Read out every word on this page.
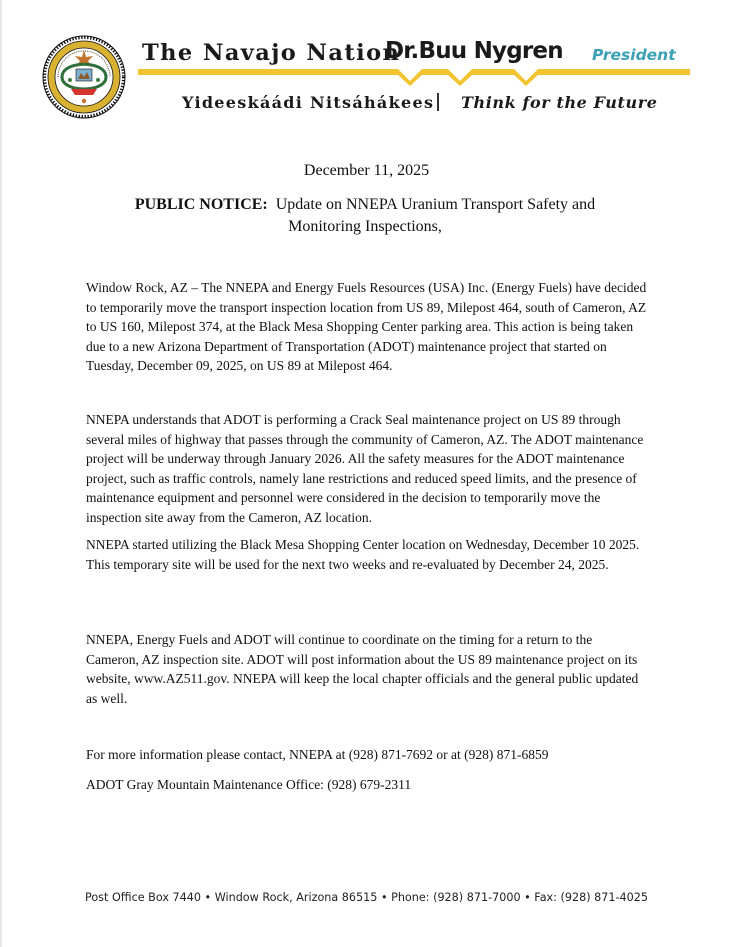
The Navajo Nation
Dr.Buu Nygren President
Yideeskáádi Nitsáhákees Think for the Future
December 11, 2025
PUBLIC NOTICE: Update on NNEPA Uranium Transport Safety and Monitoring Inspections,

Window Rock, AZ – The NNEPA and Energy Fuels Resources (USA) Inc. (Energy Fuels) have decided to temporarily move the transport inspection location from US 89, Milepost 464, south of Cameron, AZ to US 160, Milepost 374, at the Black Mesa Shopping Center parking area. This action is being taken due to a new Arizona Department of Transportation (ADOT) maintenance project that started on Tuesday, December 09, 2025, on US 89 at Milepost 464.

NNEPA understands that ADOT is performing a Crack Seal maintenance project on US 89 through several miles of highway that passes through the community of Cameron, AZ. The ADOT maintenance project will be underway through January 2026. All the safety measures for the ADOT maintenance project, such as traffic controls, namely lane restrictions and reduced speed limits, and the presence of maintenance equipment and personnel were considered in the decision to temporarily move the inspection site away from the Cameron, AZ location.

NNEPA started utilizing the Black Mesa Shopping Center location on Wednesday, December 10 2025. This temporary site will be used for the next two weeks and re-evaluated by December 24, 2025.

NNEPA, Energy Fuels and ADOT will continue to coordinate on the timing for a return to the Cameron, AZ inspection site. ADOT will post information about the US 89 maintenance project on its website, www.AZ511.gov. NNEPA will keep the local chapter officials and the general public updated as well.

For more information please contact, NNEPA at (928) 871-7692 or at (928) 871-6859

ADOT Gray Mountain Maintenance Office: (928) 679-2311

Post Office Box 7440 • Window Rock, Arizona 86515 • Phone: (928) 871-7000 • Fax: (928) 871-4025
